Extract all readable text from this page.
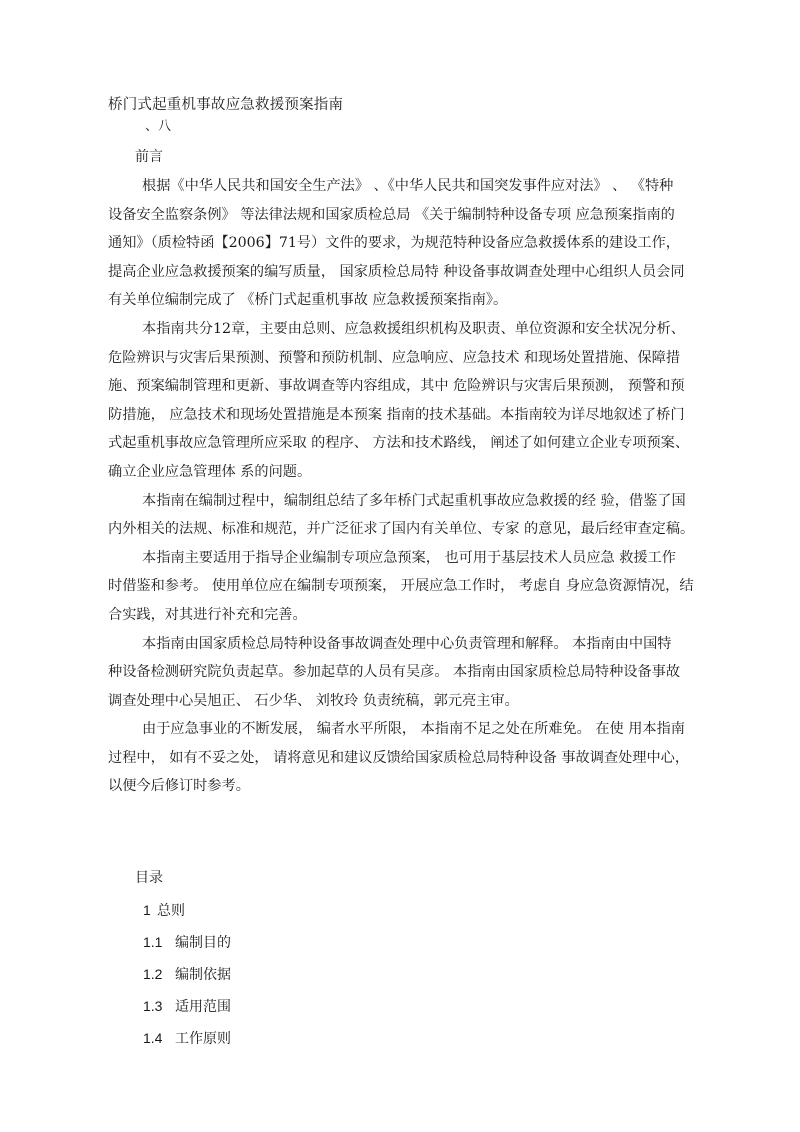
桥门式起重机事故应急救援预案指南
、八
前言
根据《中华人民共和国安全生产法》 、《中华人民共和国突发事件应对法》 、 《特种
设备安全监察条例》 等法律法规和国家质检总局 《关于编制特种设备专项 应急预案指南的
通知》（质检特函【2006】71号）文件的要求，为规范特种设备应急救援体系的建设工作，
提高企业应急救援预案的编写质量， 国家质检总局特 种设备事故调查处理中心组织人员会同
有关单位编制完成了 《桥门式起重机事故 应急救援预案指南》。
本指南共分12章，主要由总则、应急救援组织机构及职责、单位资源和安全状况分析、
危险辨识与灾害后果预测、预警和预防机制、应急响应、应急技术 和现场处置措施、保障措
施、预案编制管理和更新、事故调查等内容组成，其中 危险辨识与灾害后果预测， 预警和预
防措施， 应急技术和现场处置措施是本预案 指南的技术基础。本指南较为详尽地叙述了桥门
式起重机事故应急管理所应采取 的程序、 方法和技术路线， 阐述了如何建立企业专项预案、
确立企业应急管理体 系的问题。
本指南在编制过程中，编制组总结了多年桥门式起重机事故应急救援的经 验，借鉴了国
内外相关的法规、标准和规范，并广泛征求了国内有关单位、专家 的意见，最后经审查定稿。
本指南主要适用于指导企业编制专项应急预案， 也可用于基层技术人员应急 救援工作
时借鉴和参考。 使用单位应在编制专项预案， 开展应急工作时， 考虑自 身应急资源情况，结
合实践，对其进行补充和完善。
本指南由国家质检总局特种设备事故调查处理中心负责管理和解释。 本指南由中国特
种设备检测研究院负责起草。参加起草的人员有吴彦。 本指南由国家质检总局特种设备事故
调查处理中心吴旭正、 石少华、 刘牧玲 负责统稿，郭元亮主审。
由于应急事业的不断发展， 编者水平所限， 本指南不足之处在所难免。 在使 用本指南
过程中， 如有不妥之处， 请将意见和建议反馈给国家质检总局特种设备 事故调查处理中心，
以便今后修订时参考。
目录
1 总则
1.1 编制目的
1.2 编制依据
1.3 适用范围
1.4 工作原则
